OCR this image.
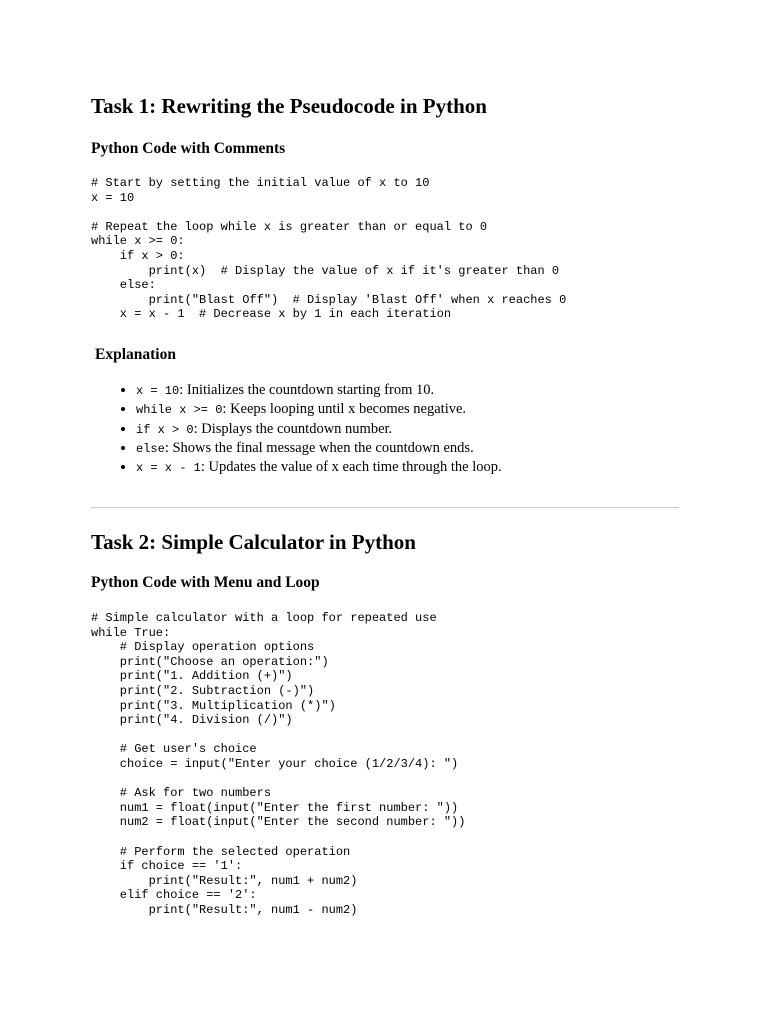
Task 1: Rewriting the Pseudocode in Python
Python Code with Comments
# Start by setting the initial value of x to 10
x = 10

# Repeat the loop while x is greater than or equal to 0
while x >= 0:
if x > 0:
print(x)  # Display the value of x if it's greater than 0
else:
print("Blast Off")  # Display 'Blast Off' when x reaches 0
x = x - 1  # Decrease x by 1 in each iteration
Explanation
• x = 10: Initializes the countdown starting from 10.
• while x >= 0: Keeps looping until x becomes negative.
• if x > 0: Displays the countdown number.
• else: Shows the final message when the countdown ends.
• x = x - 1: Updates the value of x each time through the loop.
Task 2: Simple Calculator in Python
Python Code with Menu and Loop
# Simple calculator with a loop for repeated use
while True:
# Display operation options
print("Choose an operation:")
print("1. Addition (+)")
print("2. Subtraction (-)")
print("3. Multiplication (*)")
print("4. Division (/)")

# Get user's choice
choice = input("Enter your choice (1/2/3/4): ")

# Ask for two numbers
num1 = float(input("Enter the first number: "))
num2 = float(input("Enter the second number: "))

# Perform the selected operation
if choice == '1':
print("Result:", num1 + num2)
elif choice == '2':
print("Result:", num1 - num2)
